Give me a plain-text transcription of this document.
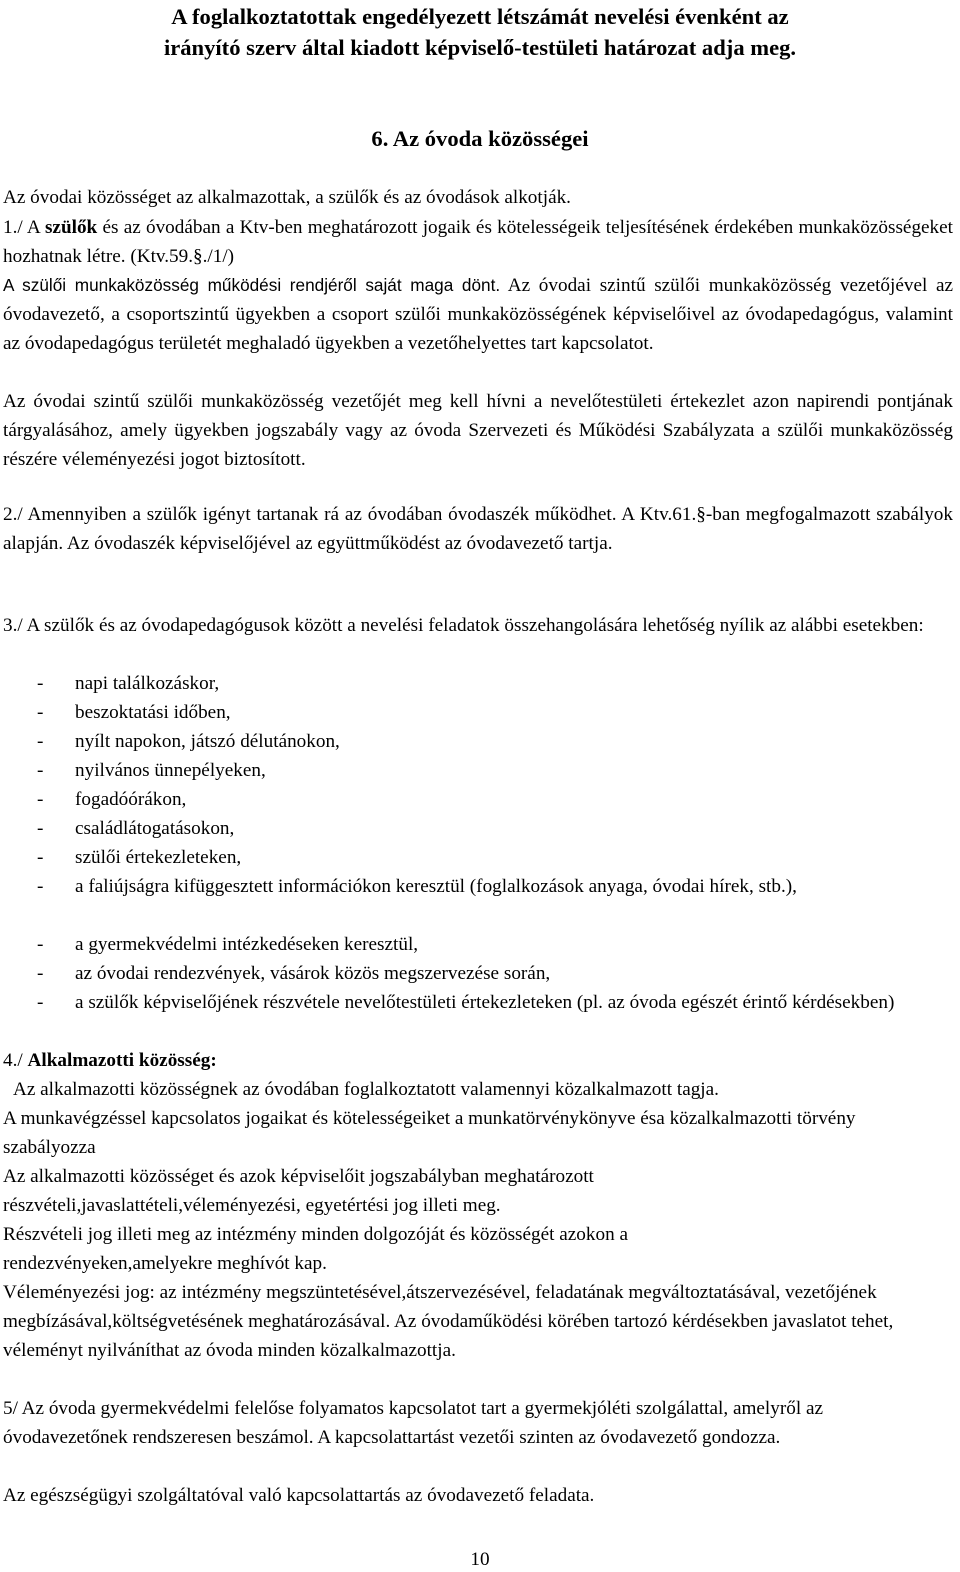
A foglalkoztatottak engedélyezett létszámát nevelési évenként az

irányító szerv által kiadott képviselő-testületi határozat adja meg.

6. Az óvoda közösségei

Az óvodai közösséget az alkalmazottak, a szülők és az óvodások alkotják.

1./ A szülők és az óvodában a Ktv-ben meghatározott jogaik és kötelességeik teljesítésének érdekében munkaközösségeket hozhatnak létre. (Ktv.59.§./1/)

A szülői munkaközösség működési rendjéről saját maga dönt. Az óvodai szintű szülői munkaközösség vezetőjével az óvodavezető, a csoportszintű ügyekben a csoport szülői munkaközösségének képviselőivel az óvodapedagógus, valamint az óvodapedagógus területét meghaladó ügyekben a vezetőhelyettes tart kapcsolatot.

Az óvodai szintű szülői munkaközösség vezetőjét meg kell hívni a nevelőtestületi értekezlet azon napirendi pontjának tárgyalásához, amely ügyekben jogszabály vagy az óvoda Szervezeti és Működési Szabályzata a szülői munkaközösség részére véleményezési jogot biztosított.

2./ Amennyiben a szülők igényt tartanak rá az óvodában óvodaszék működhet. A Ktv.61.§-ban megfogalmazott szabályok alapján. Az óvodaszék képviselőjével az együttműködést az óvodavezető tartja.

3./ A szülők és az óvodapedagógusok között a nevelési feladatok összehangolására lehetőség nyílik az alábbi esetekben:

- napi találkozáskor,
- beszoktatási időben,
- nyílt napokon, játszó délutánokon,
- nyilvános ünnepélyeken,
- fogadóórákon,
- családlátogatásokon,
- szülői értekezleteken,
- a faliújságra kifüggesztett információkon keresztül (foglalkozások anyaga, óvodai hírek, stb.),
- a gyermekvédelmi intézkedéseken keresztül,
- az óvodai rendezvények, vásárok közös megszervezése során,
- a szülők képviselőjének részvétele nevelőtestületi értekezleteken (pl. az óvoda egészét érintő kérdésekben)

4./ Alkalmazotti közösség:

Az alkalmazotti közösségnek az óvodában foglalkoztatott valamennyi közalkalmazott tagja.

A munkavégzéssel kapcsolatos jogaikat és kötelességeiket a munkatörvénykönyve ésa közalkalmazotti törvény szabályozza

Az alkalmazotti közösséget és azok képviselőit jogszabályban meghatározott részvételi,javaslattételi,véleményezési, egyetértési jog illeti meg.

Részvételi jog illeti meg az intézmény minden dolgozóját és közösségét azokon a rendezvényeken,amelyekre meghívót kap.

Véleményezési jog: az intézmény megszüntetésével,átszervezésével, feladatának megváltoztatásával, vezetőjének megbízásával,költségvetésének meghatározásával. Az óvodaműködési körében tartozó kérdésekben javaslatot tehet, véleményt nyilváníthat az óvoda minden közalkalmazottja.

5/ Az óvoda gyermekvédelmi felelőse folyamatos kapcsolatot tart a gyermekjóléti szolgálattal, amelyről az óvodavezetőnek rendszeresen beszámol. A kapcsolattartást vezetői szinten az óvodavezető gondozza.

Az egészségügyi szolgáltatóval való kapcsolattartás az óvodavezető feladata.

10
